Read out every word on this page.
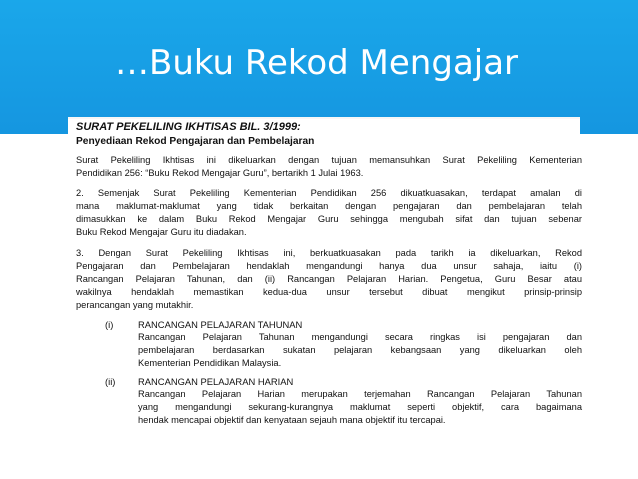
…Buku Rekod Mengajar

SURAT PEKELILING IKHTISAS BIL. 3/1999:

Penyediaan Rekod Pengajaran dan Pembelajaran

Surat Pekeliling Ikhtisas ini dikeluarkan dengan tujuan memansuhkan Surat Pekeliling Kementerian

Pendidikan 256: “Buku Rekod Mengajar Guru”, bertarikh 1 Julai 1963.

2. Semenjak Surat Pekeliling Kementerian Pendidikan 256 dikuatkuasakan, terdapat amalan di

mana maklumat-maklumat yang tidak berkaitan dengan pengajaran dan pembelajaran telah

dimasukkan ke dalam Buku Rekod Mengajar Guru sehingga mengubah sifat dan tujuan sebenar

Buku Rekod Mengajar Guru itu diadakan.

3. Dengan Surat Pekeliling Ikhtisas ini, berkuatkuasakan pada tarikh ia dikeluarkan, Rekod

Pengajaran dan Pembelajaran hendaklah mengandungi hanya dua unsur sahaja, iaitu (i)

Rancangan Pelajaran Tahunan, dan (ii) Rancangan Pelajaran Harian. Pengetua, Guru Besar atau

wakilnya hendaklah memastikan kedua-dua unsur tersebut dibuat mengikut prinsip-prinsip

perancangan yang mutakhir.

(i)	RANCANGAN PELAJARAN TAHUNAN

Rancangan Pelajaran Tahunan mengandungi secara ringkas isi pengajaran dan

pembelajaran berdasarkan sukatan pelajaran kebangsaan yang dikeluarkan oleh

Kementerian Pendidikan Malaysia.

(ii) RANCANGAN PELAJARAN HARIAN

Rancangan Pelajaran Harian merupakan terjemahan Rancangan Pelajaran Tahunan

yang mengandungi sekurang-kurangnya maklumat seperti objektif, cara bagaimana

hendak mencapai objektif dan kenyataan sejauh mana objektif itu tercapai.
